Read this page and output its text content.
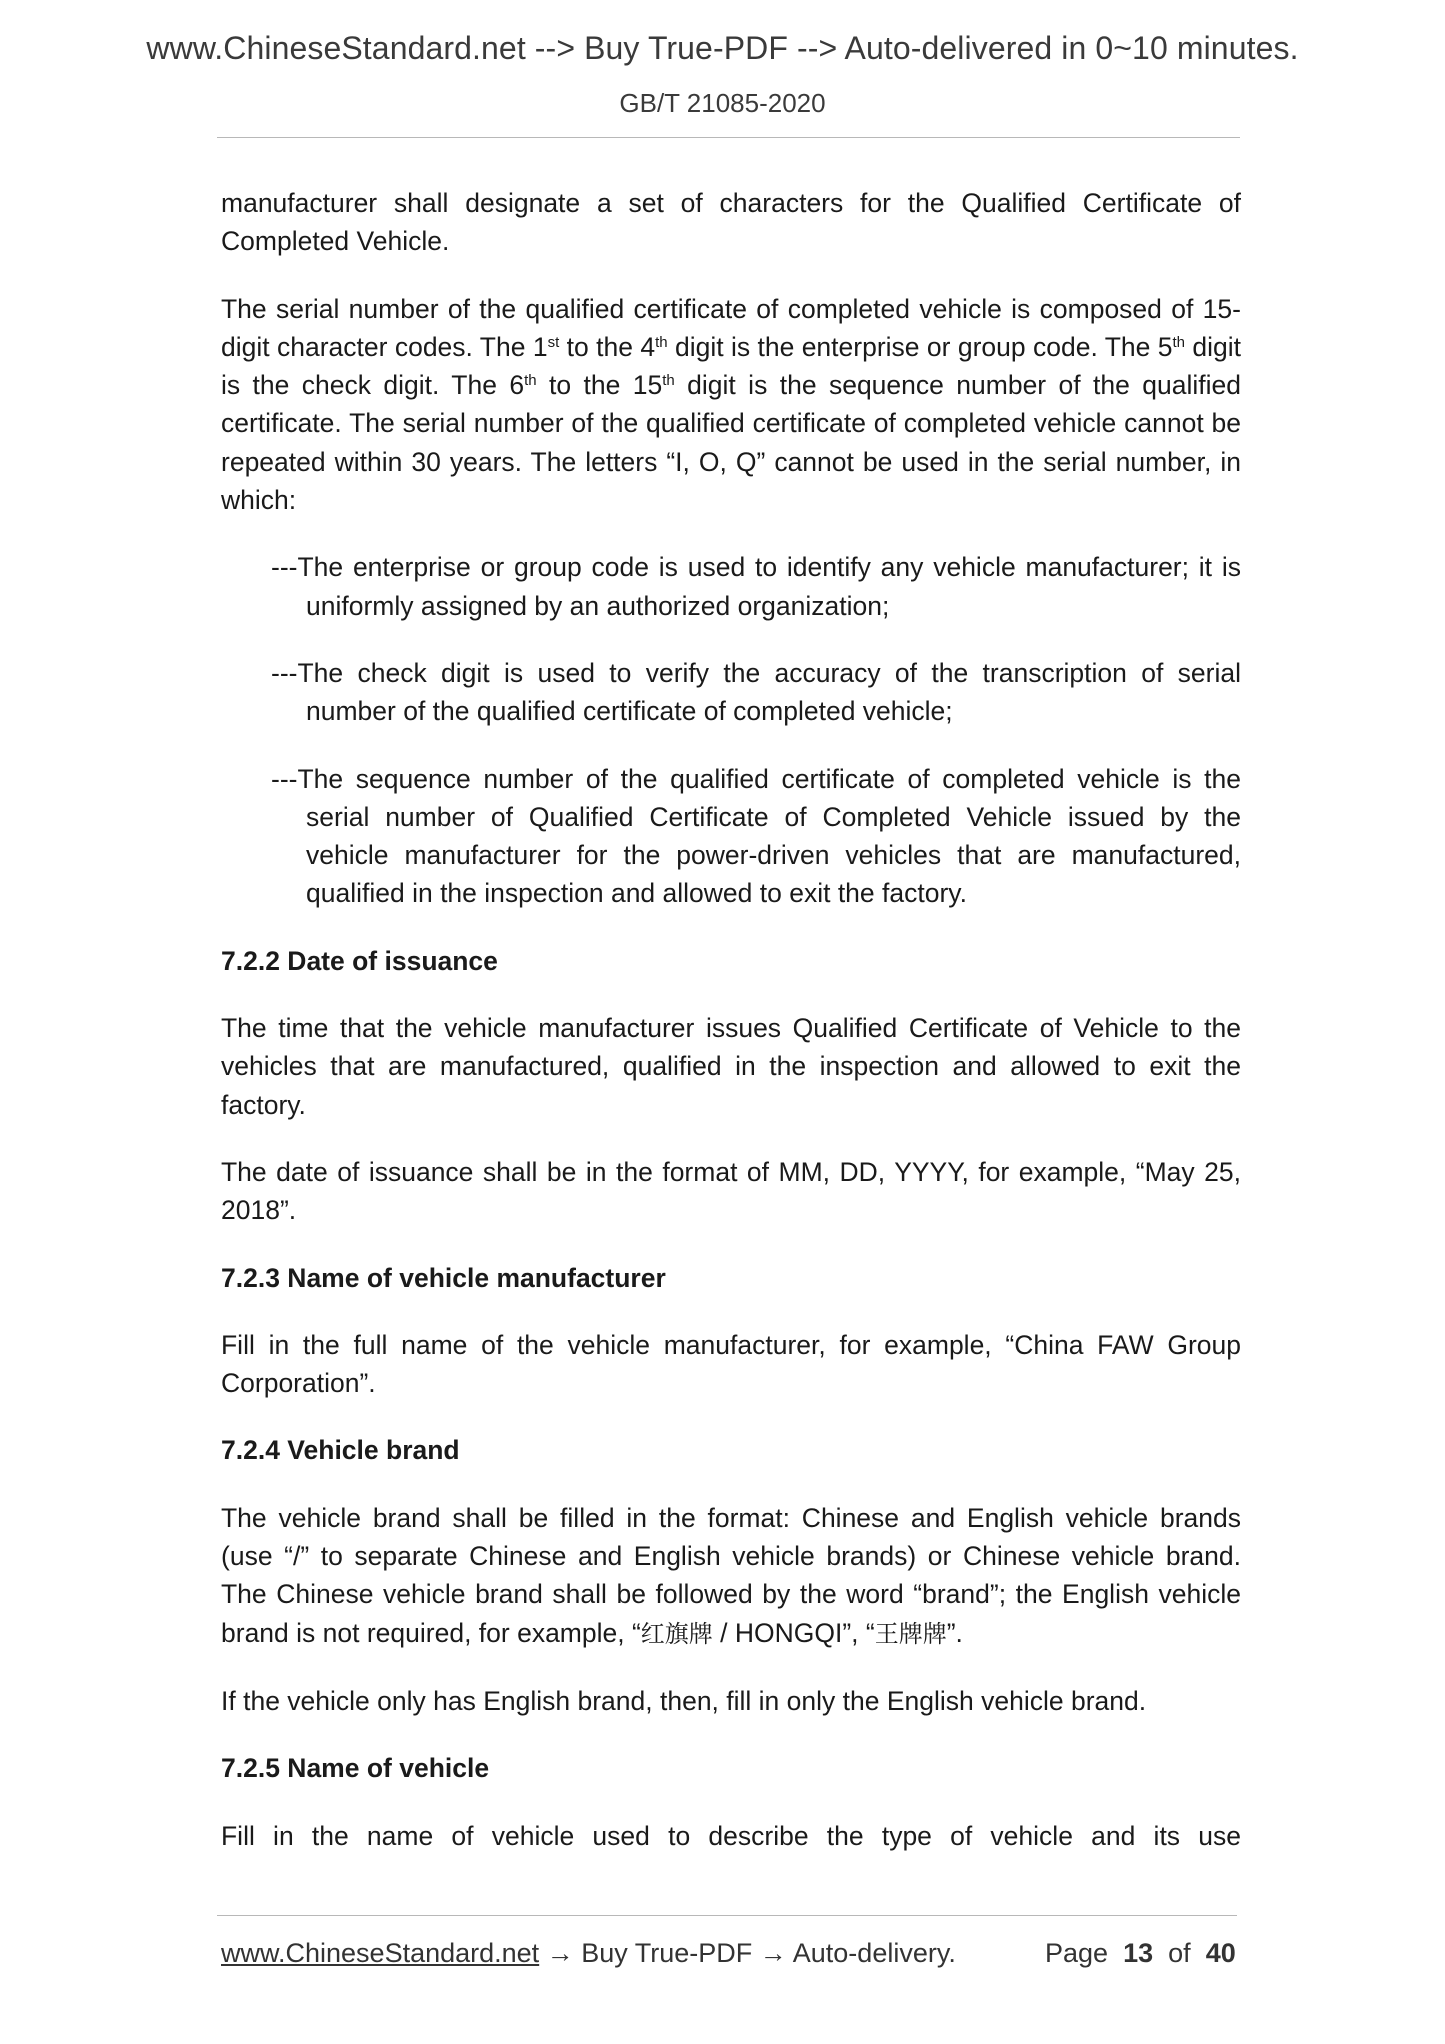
www.ChineseStandard.net --> Buy True-PDF --> Auto-delivered in 0~10 minutes.
GB/T 21085-2020

manufacturer shall designate a set of characters for the Qualified Certificate of Completed Vehicle.

The serial number of the qualified certificate of completed vehicle is composed of 15-digit character codes. The 1st to the 4th digit is the enterprise or group code. The 5th digit is the check digit. The 6th to the 15th digit is the sequence number of the qualified certificate. The serial number of the qualified certificate of completed vehicle cannot be repeated within 30 years. The letters “I, O, Q” cannot be used in the serial number, in which:

---The enterprise or group code is used to identify any vehicle manufacturer; it is uniformly assigned by an authorized organization;

---The check digit is used to verify the accuracy of the transcription of serial number of the qualified certificate of completed vehicle;

---The sequence number of the qualified certificate of completed vehicle is the serial number of Qualified Certificate of Completed Vehicle issued by the vehicle manufacturer for the power-driven vehicles that are manufactured, qualified in the inspection and allowed to exit the factory.

7.2.2 Date of issuance

The time that the vehicle manufacturer issues Qualified Certificate of Vehicle to the vehicles that are manufactured, qualified in the inspection and allowed to exit the factory.

The date of issuance shall be in the format of MM, DD, YYYY, for example, “May 25, 2018”.

7.2.3 Name of vehicle manufacturer

Fill in the full name of the vehicle manufacturer, for example, “China FAW Group Corporation”.

7.2.4 Vehicle brand

The vehicle brand shall be filled in the format: Chinese and English vehicle brands (use “/” to separate Chinese and English vehicle brands) or Chinese vehicle brand. The Chinese vehicle brand shall be followed by the word “brand”; the English vehicle brand is not required, for example, “红旗牌 / HONGQI”, “王牌牌”.

If the vehicle only has English brand, then, fill in only the English vehicle brand.

7.2.5 Name of vehicle

Fill in the name of vehicle used to describe the type of vehicle and its use

www.ChineseStandard.net → Buy True-PDF → Auto-delivery.	Page 13 of 40
